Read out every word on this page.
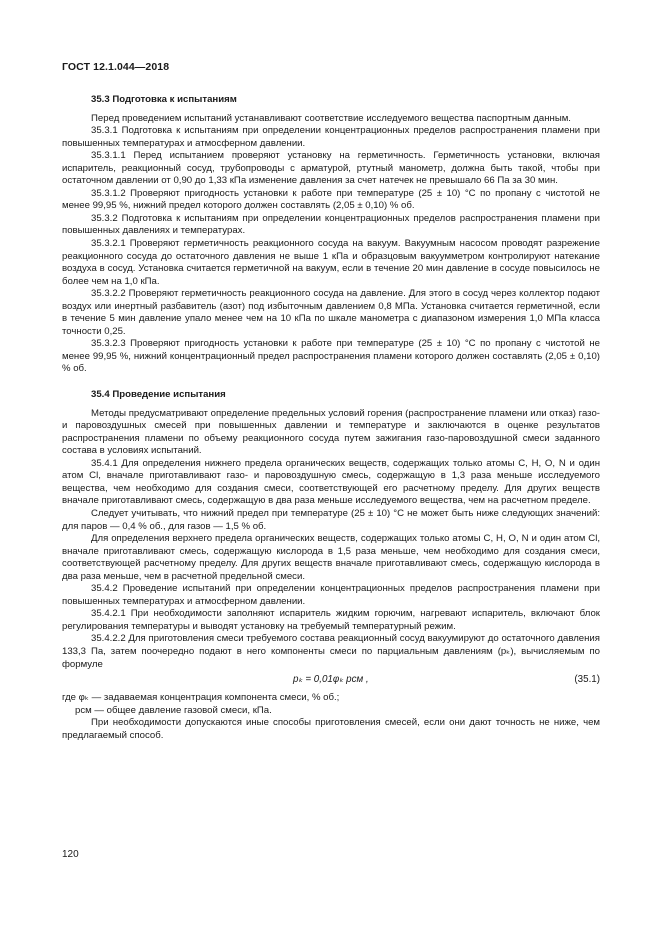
ГОСТ 12.1.044—2018

35.3 Подготовка к испытаниям

Перед проведением испытаний устанавливают соответствие исследуемого вещества паспортным данным.

35.3.1 Подготовка к испытаниям при определении концентрационных пределов распространения пламени при повышенных температурах и атмосферном давлении.

35.3.1.1 Перед испытанием проверяют установку на герметичность. Герметичность установки, включая испаритель, реакционный сосуд, трубопроводы с арматурой, ртутный манометр, должна быть такой, чтобы при остаточном давлении от 0,90 до 1,33 кПа изменение давления за счет натечек не превышало 66 Па за 30 мин.

35.3.1.2 Проверяют пригодность установки к работе при температуре (25 ± 10) °С по пропану с чистотой не менее 99,95 %, нижний предел которого должен составлять (2,05 ± 0,10) % об.

35.3.2 Подготовка к испытаниям при определении концентрационных пределов распространения пламени при повышенных давлениях и температурах.

35.3.2.1 Проверяют герметичность реакционного сосуда на вакуум. Вакуумным насосом проводят разрежение реакционного сосуда до остаточного давления не выше 1 кПа и образцовым вакуумметром контролируют натекание воздуха в сосуд. Установка считается герметичной на вакуум, если в течение 20 мин давление в сосуде повысилось не более чем на 1,0 кПа.

35.3.2.2 Проверяют герметичность реакционного сосуда на давление. Для этого в сосуд через коллектор подают воздух или инертный разбавитель (азот) под избыточным давлением 0,8 МПа. Установка считается герметичной, если в течение 5 мин давление упало менее чем на 10 кПа по шкале манометра с диапазоном измерения 1,0 МПа класса точности 0,25.

35.3.2.3 Проверяют пригодность установки к работе при температуре (25 ± 10) °С по пропану с чистотой не менее 99,95 %, нижний концентрационный предел распространения пламени которого должен составлять (2,05 ± 0,10) % об.

35.4 Проведение испытания

Методы предусматривают определение предельных условий горения (распространение пламени или отказ) газо- и паровоздушных смесей при повышенных давлении и температуре и заключаются в оценке результатов распространения пламени по объему реакционного сосуда путем зажигания газо-паровоздушной смеси заданного состава в условиях испытаний.

35.4.1 Для определения нижнего предела органических веществ, содержащих только атомы С, Н, О, N и один атом Сl, вначале приготавливают газо- и паровоздушную смесь, содержащую в 1,3 раза меньше исследуемого вещества, чем необходимо для создания смеси, соответствующей его расчетному пределу. Для других веществ вначале приготавливают смесь, содержащую в два раза меньше исследуемого вещества, чем на расчетном пределе.

Следует учитывать, что нижний предел при температуре (25 ± 10) °С не может быть ниже следующих значений: для паров — 0,4 % об., для газов — 1,5 % об.

Для определения верхнего предела органических веществ, содержащих только атомы С, Н, О, N и один атом Сl, вначале приготавливают смесь, содержащую кислорода в 1,5 раза меньше, чем необходимо для создания смеси, соответствующей расчетному пределу. Для других веществ вначале приготавливают смесь, содержащую кислорода в два раза меньше, чем в расчетной предельной смеси.

35.4.2 Проведение испытаний при определении концентрационных пределов распространения пламени при повышенных температурах и атмосферном давлении.

35.4.2.1 При необходимости заполняют испаритель жидким горючим, нагревают испаритель, включают блок регулирования температуры и выводят установку на требуемый температурный режим.

35.4.2.2 Для приготовления смеси требуемого состава реакционный сосуд вакуумируют до остаточного давления 133,3 Па, затем поочередно подают в него компоненты смеси по парциальным давлениям (pₖ), вычисляемым по формуле

pₖ = 0,01φₖ pсм ,	(35.1)

где φₖ — задаваемая концентрация компонента смеси, % об.;

pсм — общее давление газовой смеси, кПа.

При необходимости допускаются иные способы приготовления смесей, если они дают точность не ниже, чем предлагаемый способ.

120
